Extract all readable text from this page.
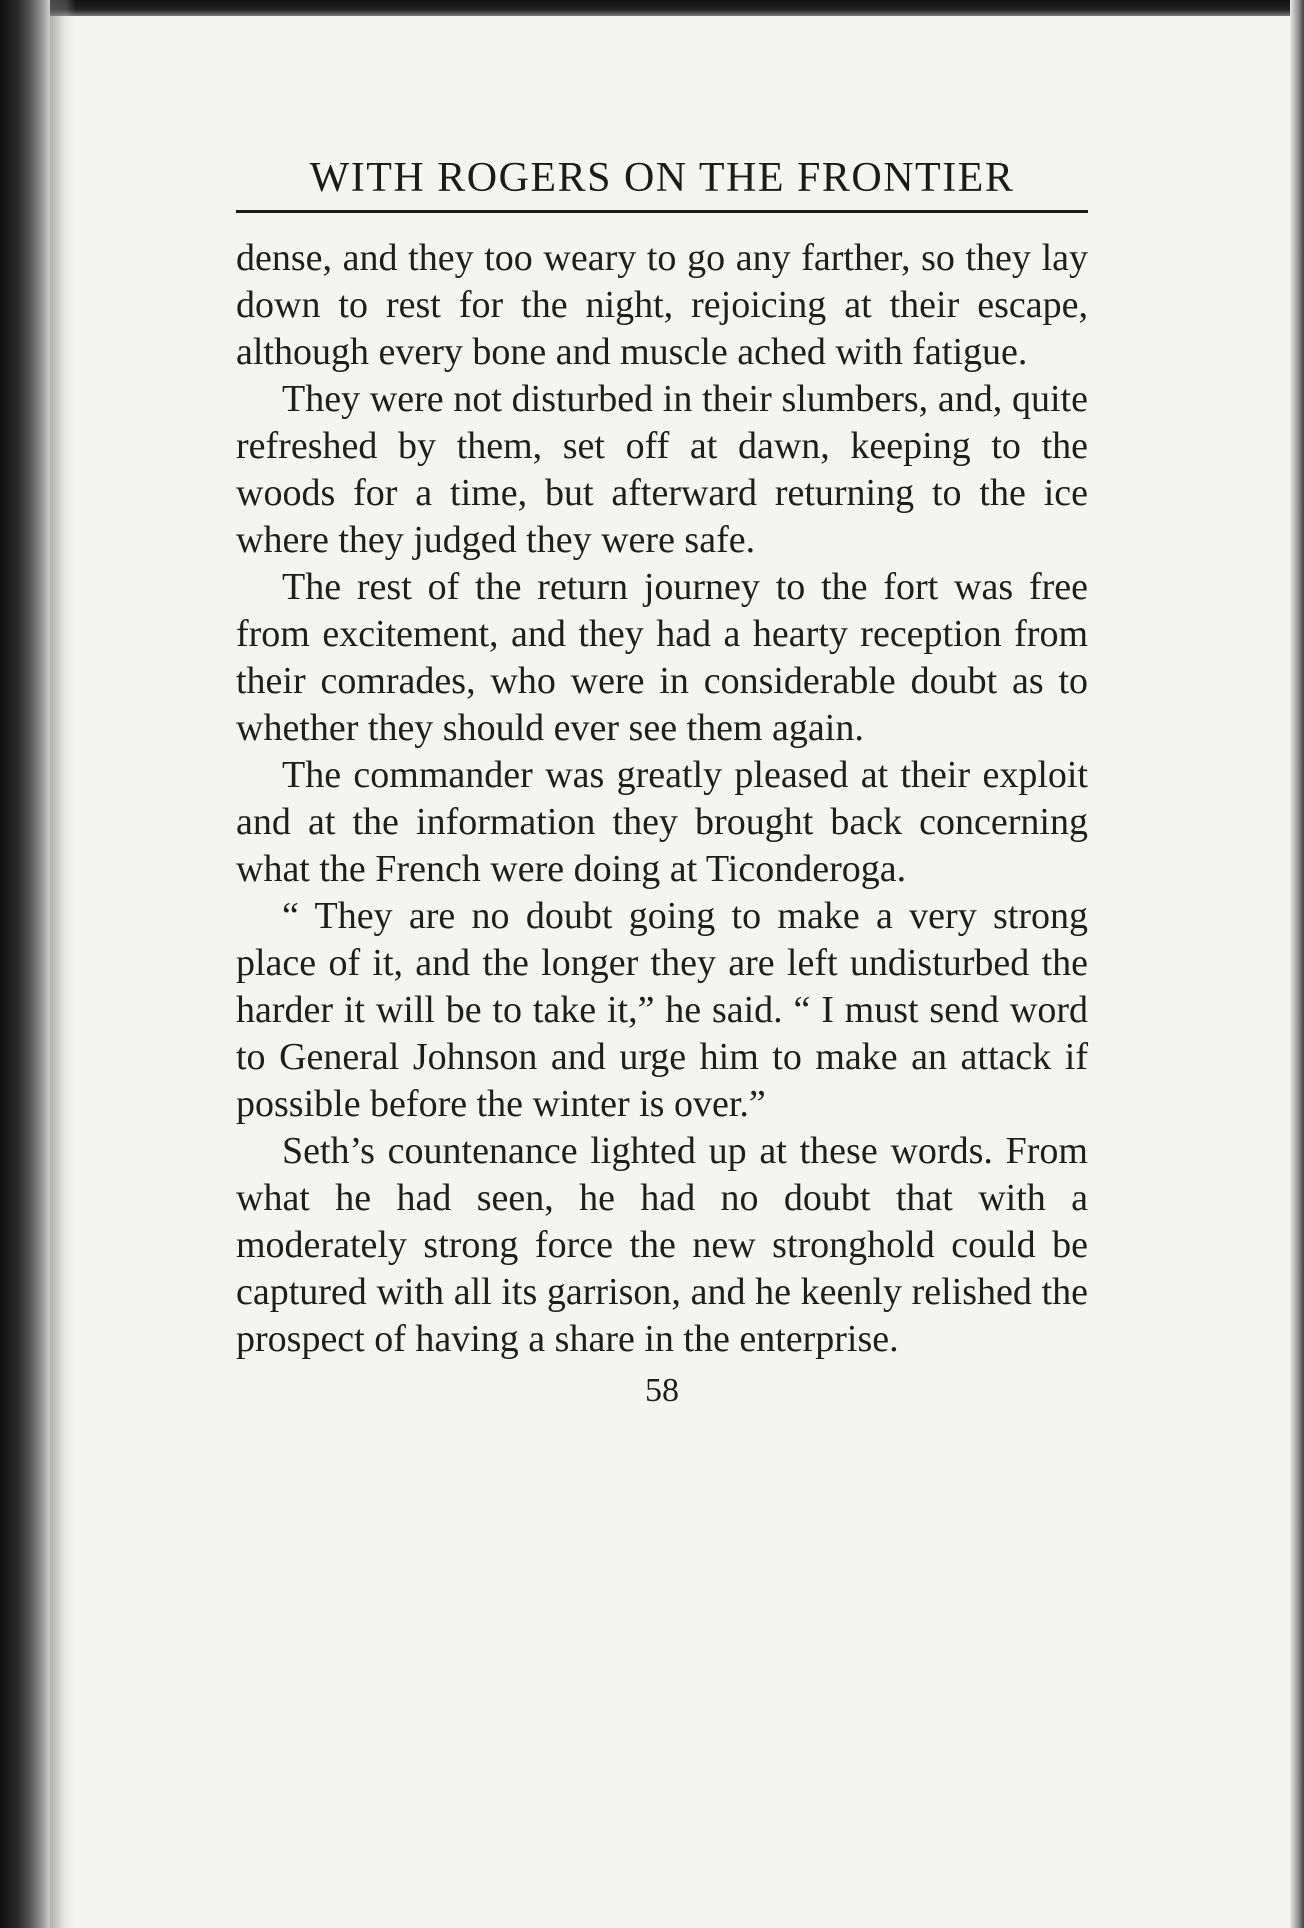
WITH ROGERS ON THE FRONTIER

dense, and they too weary to go any farther, so they lay down to rest for the night, rejoicing at their escape, although every bone and muscle ached with fatigue.

They were not disturbed in their slumbers, and, quite refreshed by them, set off at dawn, keeping to the woods for a time, but afterward returning to the ice where they judged they were safe.

The rest of the return journey to the fort was free from excitement, and they had a hearty reception from their comrades, who were in considerable doubt as to whether they should ever see them again.

The commander was greatly pleased at their exploit and at the information they brought back concerning what the French were doing at Ticonderoga.

“ They are no doubt going to make a very strong place of it, and the longer they are left undisturbed the harder it will be to take it,” he said. “ I must send word to General Johnson and urge him to make an attack if possible before the winter is over.”

Seth’s countenance lighted up at these words. From what he had seen, he had no doubt that with a moderately strong force the new stronghold could be captured with all its garrison, and he keenly relished the prospect of having a share in the enterprise.

58
